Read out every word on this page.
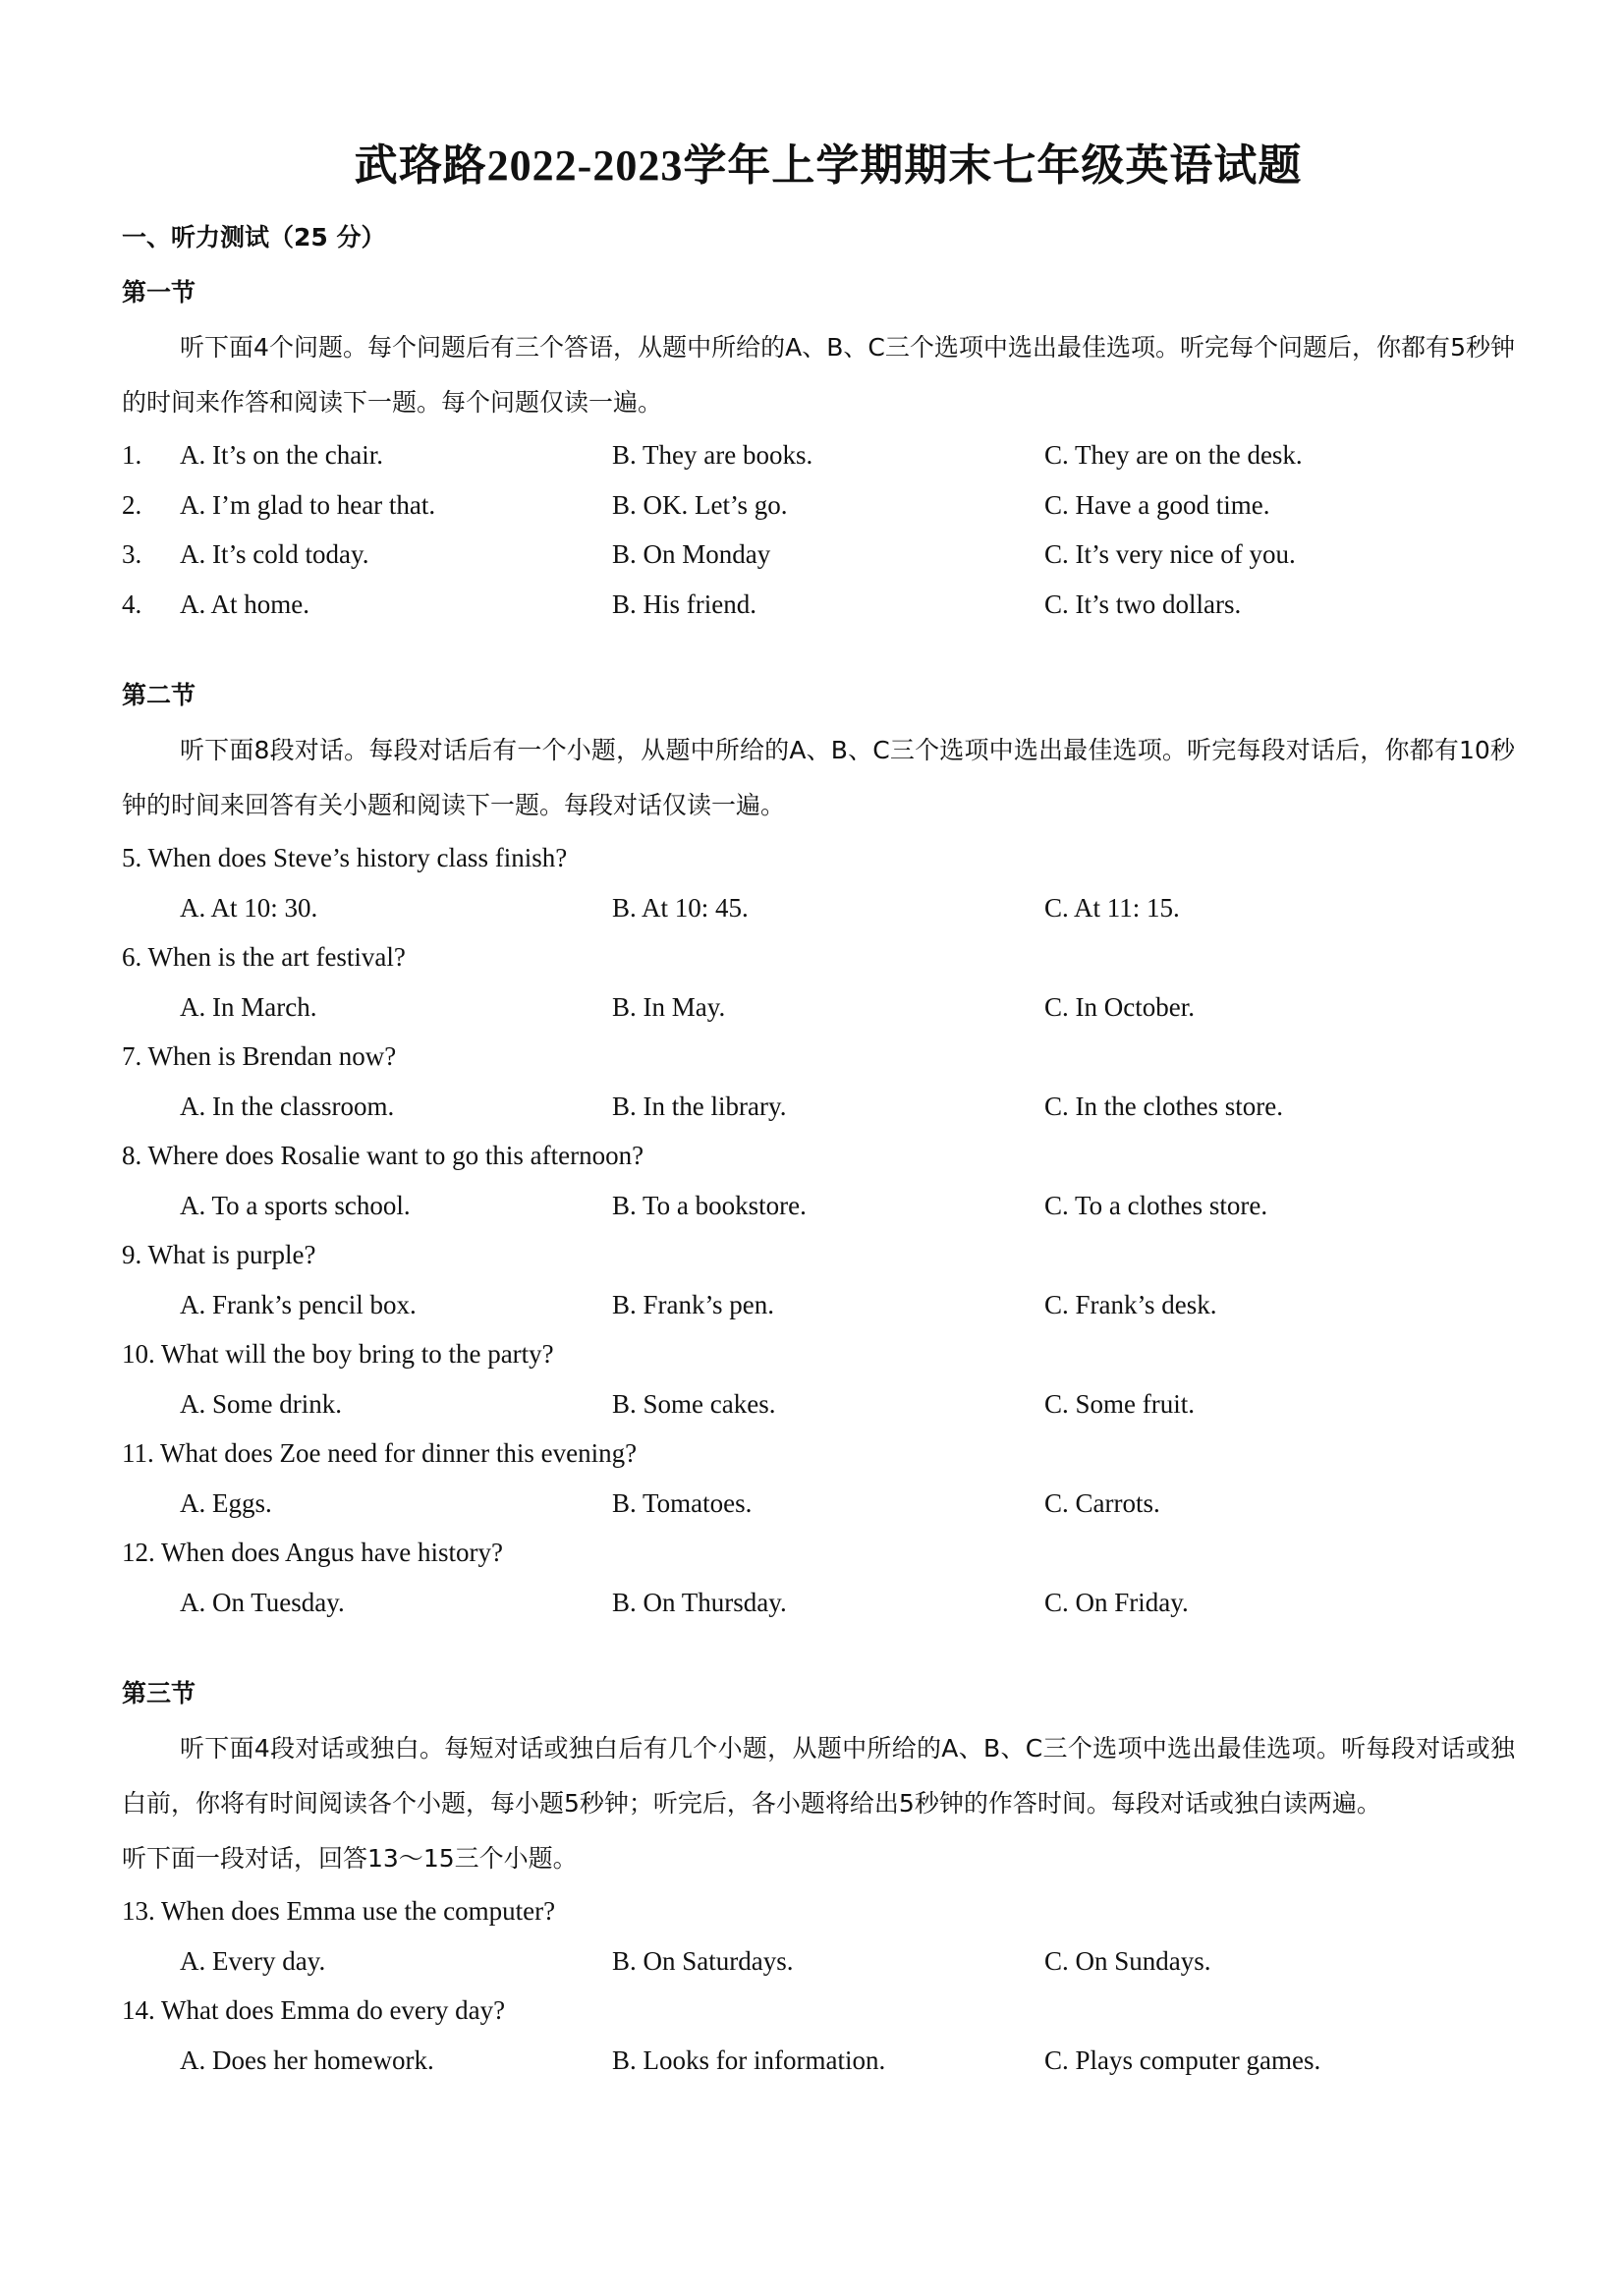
武珞路2022-2023学年上学期期末七年级英语试题
一、听力测试（25 分）
第一节

听下面4个问题。每个问题后有三个答语，从题中所给的A、B、C三个选项中选出最佳选项。听完每个问题后，你都有5秒钟的时间来作答和阅读下一题。每个问题仅读一遍。

1.	A. It’s on the chair.	B. They are books.	C. They are on the desk.
2.	A. I’m glad to hear that.	B. OK. Let’s go.	C. Have a good time.
3.	A. It’s cold today.	B. On Monday	C. It’s very nice of you.
4.	A. At home.	B. His friend.	C. It’s two dollars.
第二节

听下面8段对话。每段对话后有一个小题，从题中所给的A、B、C三个选项中选出最佳选项。听完每段对话后，你都有10秒钟的时间来回答有关小题和阅读下一题。每段对话仅读一遍。

5. When does Steve’s history class finish?
A. At 10: 30.	B. At 10: 45.	C. At 11: 15.
6. When is the art festival?
A. In March.	B. In May.	C. In October.
7. When is Brendan now?
A. In the classroom.	B. In the library.	C. In the clothes store.
8. Where does Rosalie want to go this afternoon?
A. To a sports school.	B. To a bookstore.	C. To a clothes store.
9. What is purple?
A. Frank’s pencil box.	B. Frank’s pen.	C. Frank’s desk.
10. What will the boy bring to the party?
A. Some drink.	B. Some cakes.	C. Some fruit.
11. What does Zoe need for dinner this evening?
A. Eggs.	B. Tomatoes.	C. Carrots.
12. When does Angus have history?
A. On Tuesday.	B. On Thursday.	C. On Friday.
第三节

听下面4段对话或独白。每短对话或独白后有几个小题，从题中所给的A、B、C三个选项中选出最佳选项。听每段对话或独白前，你将有时间阅读各个小题，每小题5秒钟；听完后，各小题将给出5秒钟的作答时间。每段对话或独白读两遍。

听下面一段对话，回答13～15三个小题。
13. When does Emma use the computer?
A. Every day.	B. On Saturdays.	C. On Sundays.
14. What does Emma do every day?
A. Does her homework.	B. Looks for information.	C. Plays computer games.
